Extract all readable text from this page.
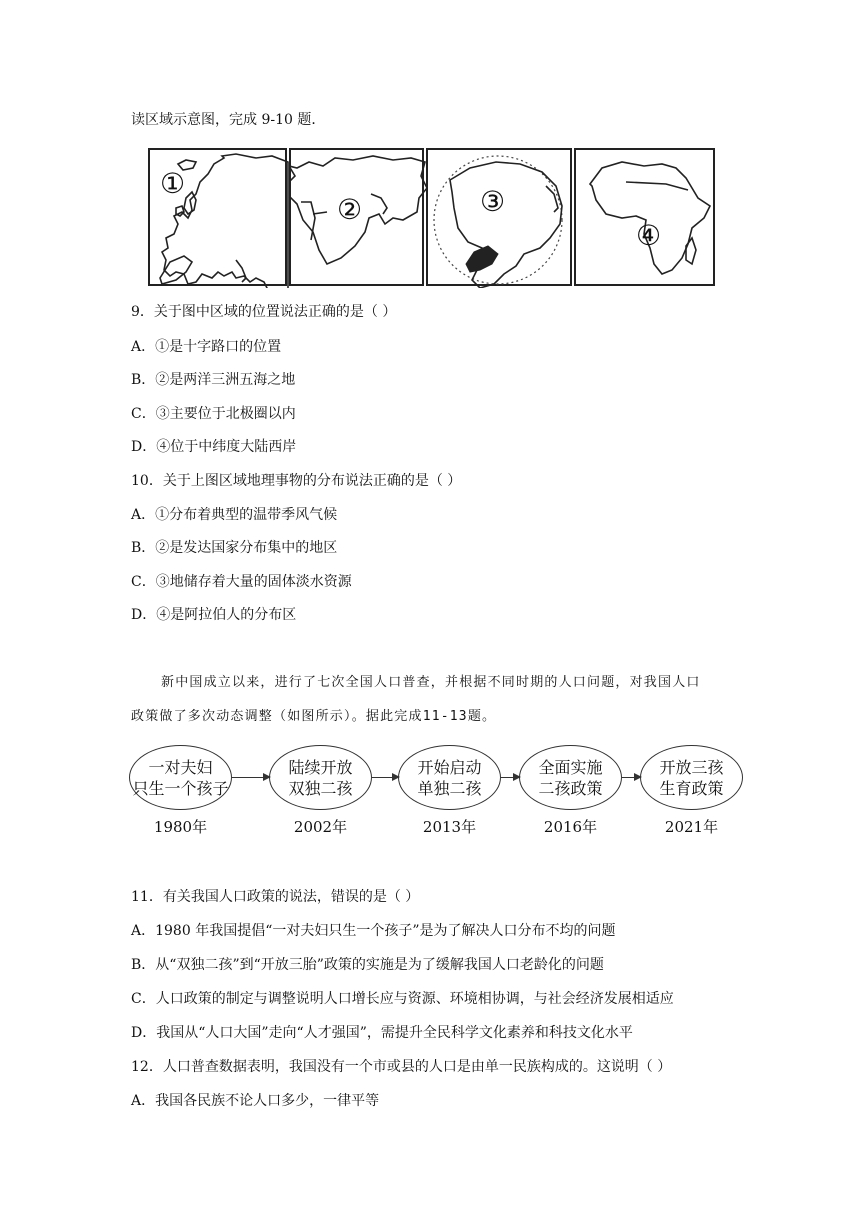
读区域示意图，完成 9-10 题．
①
②	③
④
9．关于图中区域的位置说法正确的是（ ）
A．①是十字路口的位置
B．②是两洋三洲五海之地
C．③主要位于北极圈以内
D．④位于中纬度大陆西岸
10．关于上图区域地理事物的分布说法正确的是（ ）
A．①分布着典型的温带季风气候
B．②是发达国家分布集中的地区
C．③地储存着大量的固体淡水资源
D．④是阿拉伯人的分布区
新中国成立以来，进行了七次全国人口普查，并根据不同时期的人口问题，对我国人口
政策做了多次动态调整（如图所示）。据此完成11-13题。
一对夫妇
只生一个孩子
陆续开放
双独二孩
开始启动
单独二孩
全面实施
二孩政策
开放三孩
生育政策
1980年	2002年	2013年	2016年	2021年
11．有关我国人口政策的说法，错误的是（ ）
A．1980 年我国提倡“一对夫妇只生一个孩子”是为了解决人口分布不均的问题
B．从“双独二孩”到“开放三胎”政策的实施是为了缓解我国人口老龄化的问题
C．人口政策的制定与调整说明人口增长应与资源、环境相协调，与社会经济发展相适应
D．我国从“人口大国”走向“人才强国”，需提升全民科学文化素养和科技文化水平
12．人口普查数据表明，我国没有一个市或县的人口是由单一民族构成的。这说明（ ）
A．我国各民族不论人口多少，一律平等
